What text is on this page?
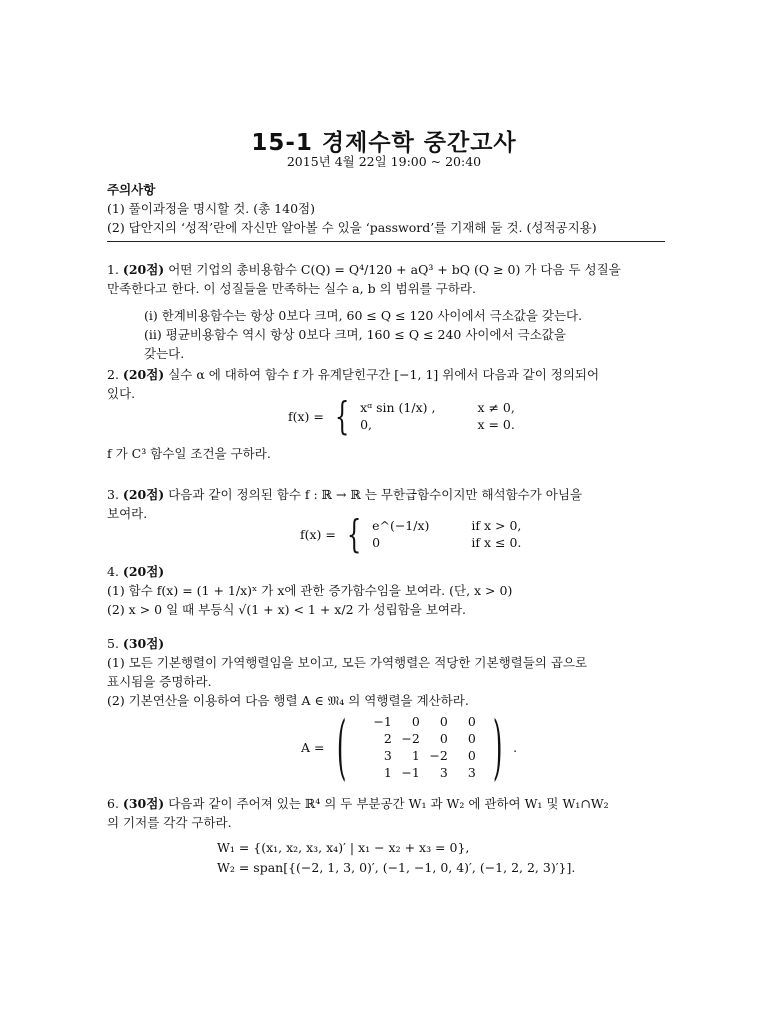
15-1 경제수학 중간고사
2015년 4월 22일 19:00 ~ 20:40
주의사항
(1) 풀이과정을 명시할 것. (총 140점)
(2) 답안지의 ‘성적’란에 자신만 알아볼 수 있을 ‘password’를 기재해 둘 것. (성적공지용)
1. (20점) 어떤 기업의 총비용함수 C(Q) = Q⁴/120 + aQ³ + bQ (Q ≥ 0) 가 다음 두 성질을
만족한다고 한다. 이 성질들을 만족하는 실수 a, b 의 범위를 구하라.
(i) 한계비용함수는 항상 0보다 크며, 60 ≤ Q ≤ 120 사이에서 극소값을 갖는다.
(ii) 평균비용함수 역시 항상 0보다 크며, 160 ≤ Q ≤ 240 사이에서 극소값을
갖는다.
2. (20점) 실수 α 에 대하여 함수 f 가 유계닫힌구간 [−1, 1] 위에서 다음과 같이 정의되어
있다.
f(x) = { xᵅ sin (1/x) ,	x ≠ 0,
0,	x = 0.
f 가 C³ 함수일 조건을 구하라.
3. (20점) 다음과 같이 정의된 함수 f : ℝ → ℝ 는 무한급함수이지만 해석함수가 아님을
보여라.
f(x) = { e^(−1/x)	if x > 0,
0	if x ≤ 0.
4. (20점)
(1) 함수 f(x) = (1 + 1/x)ˣ 가 x에 관한 증가함수임을 보여라. (단, x > 0)
(2) x > 0 일 때 부등식 √(1 + x) < 1 + x/2 가 성립함을 보여라.
5. (30점)
(1) 모든 기본행렬이 가역행렬임을 보이고, 모든 가역행렬은 적당한 기본행렬들의 곱으로
표시됨을 증명하라.
(2) 기본연산을 이용하여 다음 행렬 A ∈ 𝔐₄ 의 역행렬을 계산하라.
A = (	−1	0	0	0
2 −2	0	0
3	1 −2	0
1 −1	3	3 ) .
6. (30점) 다음과 같이 주어져 있는 ℝ⁴ 의 두 부분공간 W₁ 과 W₂ 에 관하여 W₁ 및 W₁∩W₂
의 기저를 각각 구하라.
W₁ = {(x₁, x₂, x₃, x₄)′ | x₁ − x₂ + x₃ = 0},
W₂ = span[{(−2, 1, 3, 0)′, (−1, −1, 0, 4)′, (−1, 2, 2, 3)′}].
